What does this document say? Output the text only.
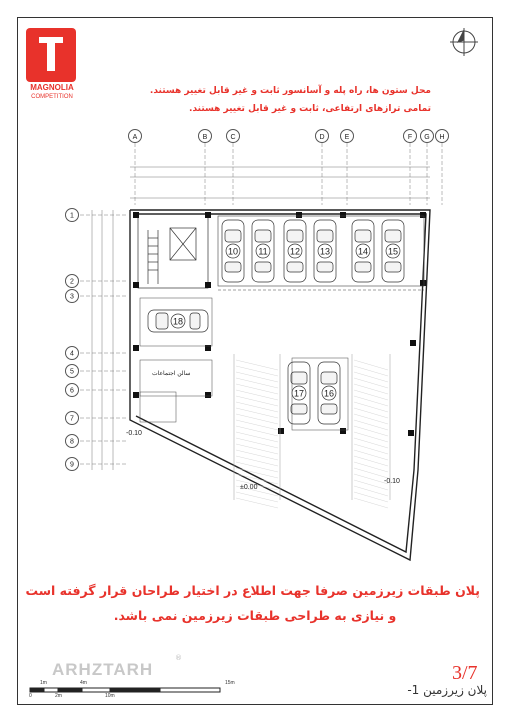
MAGNOLIA
COMPETITION
محل ستون ها، راه پله و آسانسور ثابت و غیر قابل تغییر هستند.
تمامی ترازهای ارتفاعی، ثابت و غیر قابل تغییر هستند.
A	B	C	D	E	F G H
1
2
3
4
5
6
7
8
9
10 11 12 13	14 15
16
17
18
-0.10
±0.00
-0.10
سالن اجتماعات
پلان طبقات زیرزمین صرفا جهت اطلاع در اختیار طراحان قرار گرفته است
و نیازی به طراحی طبقات زیرزمین نمی باشد.
ARHZTARH
®
0
1m
2m
4m
10m
15m	3/7
پلان زیرزمین 1-
